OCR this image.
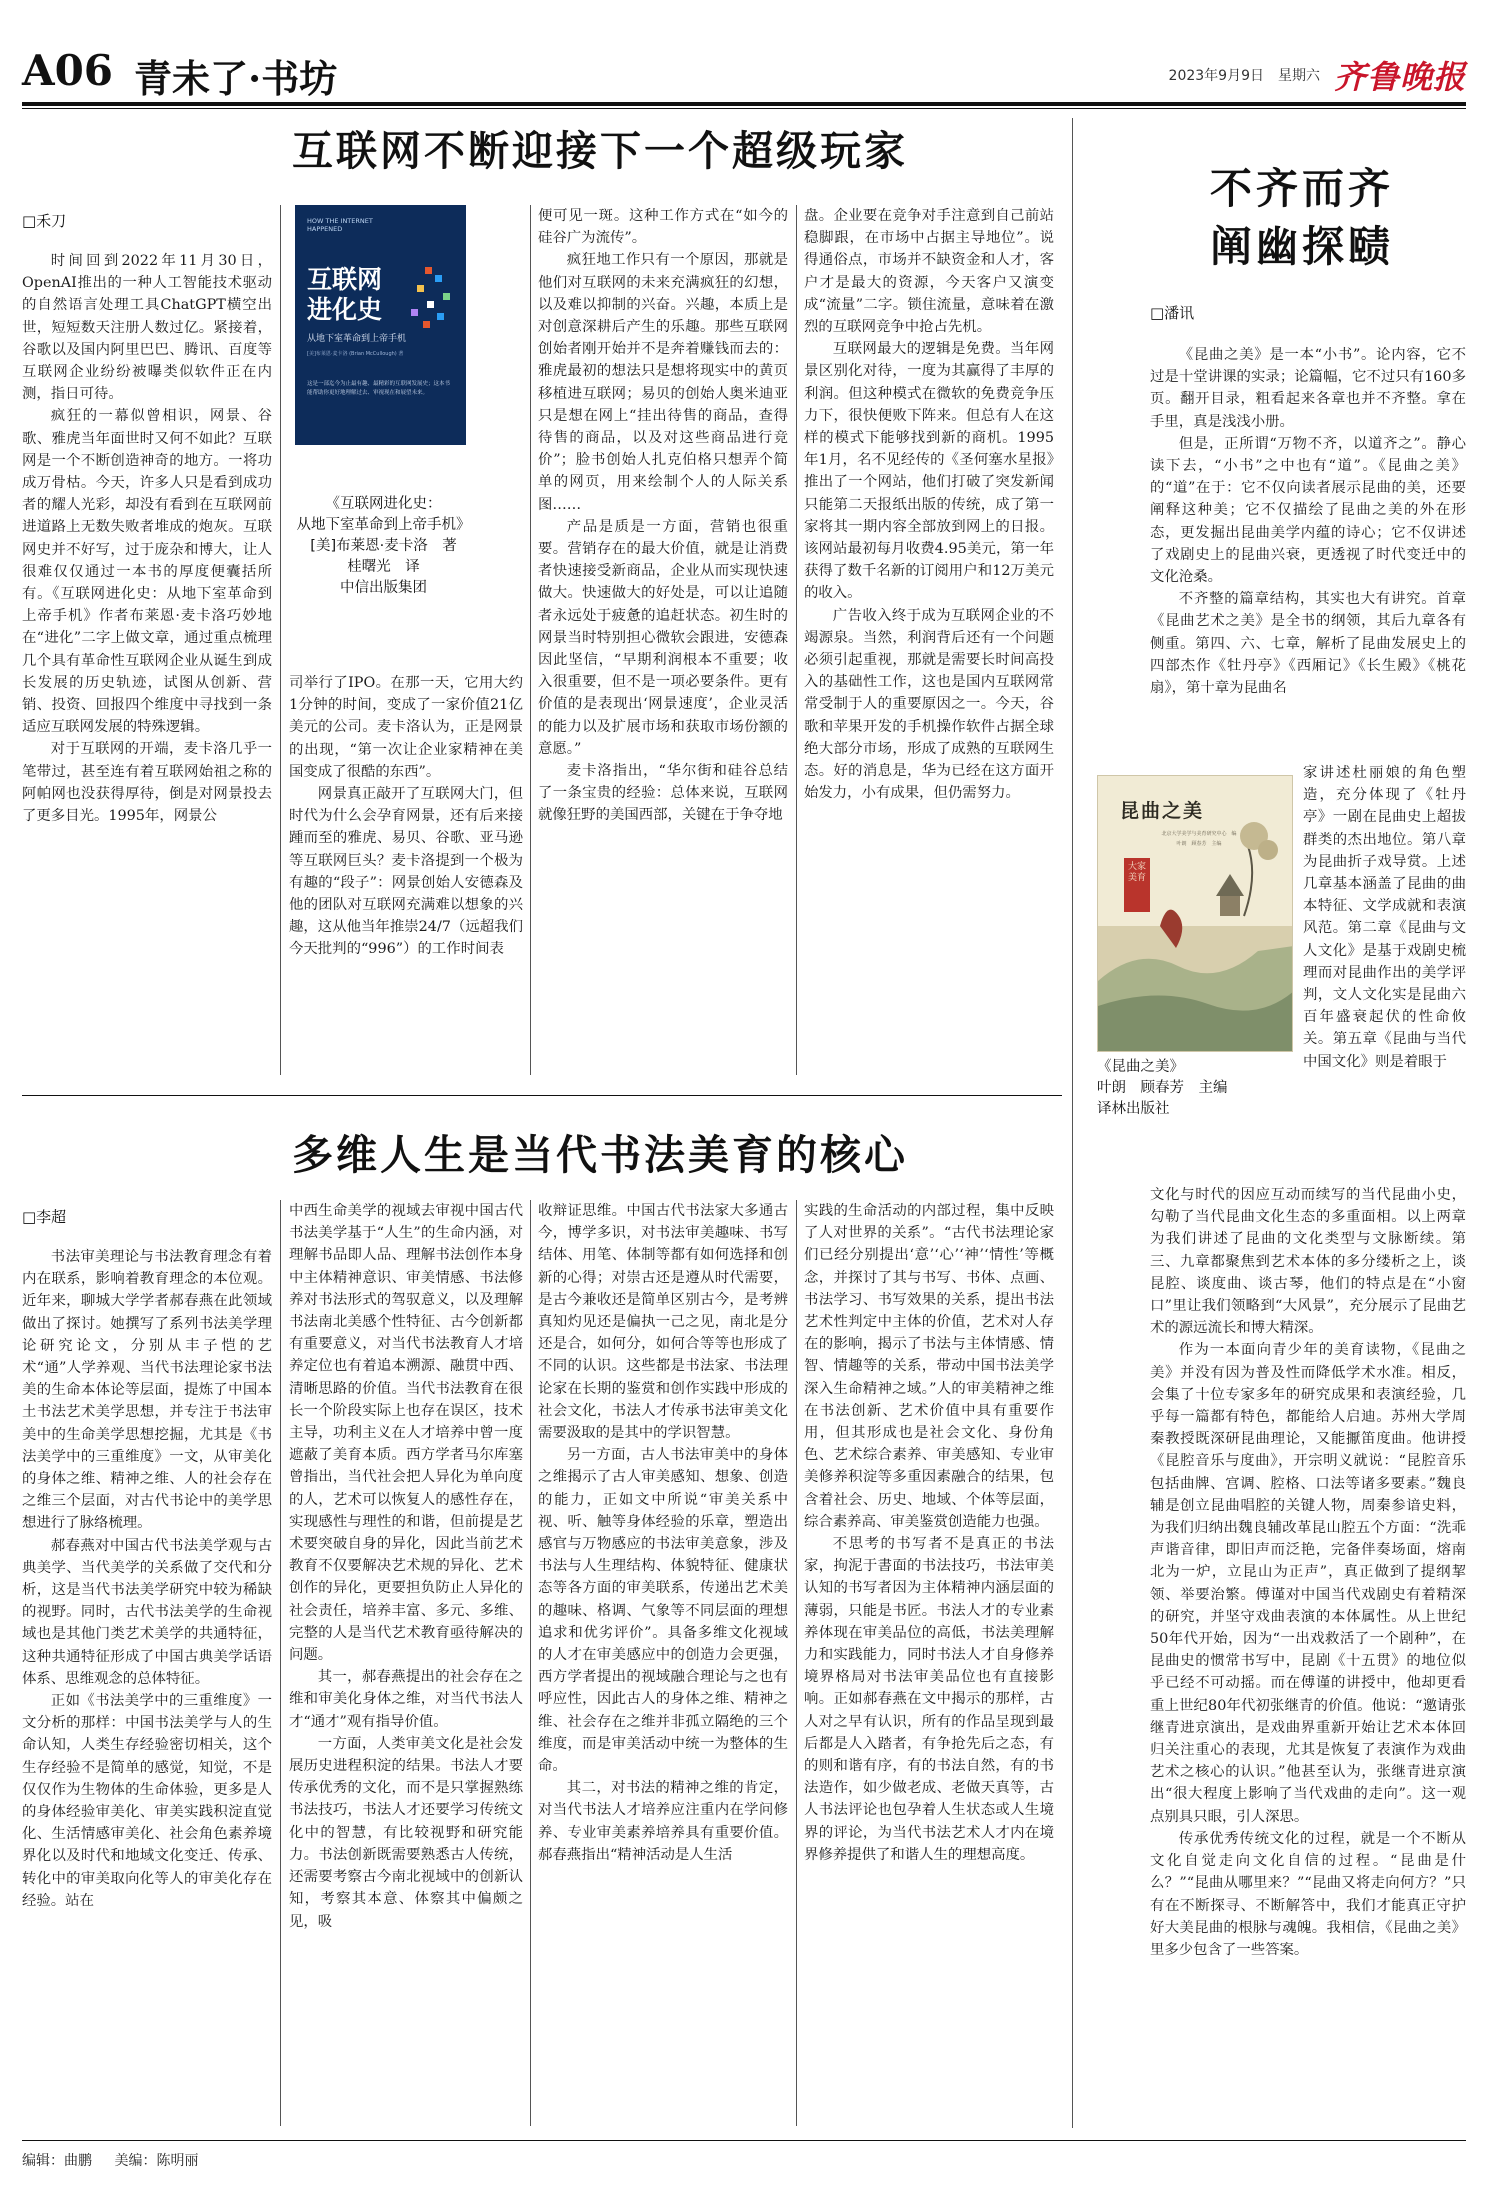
A06 青未了·书坊	2023年9月9日 星期六 齐鲁晚报
互联网不断迎接下一个超级玩家
□禾刀

时间回到2022年11月30日，OpenAI推出的一种人工智能技术驱动的自然语言处理工具ChatGPT横空出世，短短数天注册人数过亿。紧接着，谷歌以及国内阿里巴巴、腾讯、百度等互联网企业纷纷被曝类似软件正在内测，指日可待。

疯狂的一幕似曾相识，网景、谷歌、雅虎当年面世时又何不如此？互联网是一个不断创造神奇的地方。一将功成万骨枯。今天，许多人只是看到成功者的耀人光彩，却没有看到在互联网前进道路上无数失败者堆成的炮灰。互联网史并不好写，过于庞杂和博大，让人很难仅仅通过一本书的厚度便囊括所有。《互联网进化史：从地下室革命到上帝手机》作者布莱恩·麦卡洛巧妙地在“进化”二字上做文章，通过重点梳理几个具有革命性互联网企业从诞生到成长发展的历史轨迹，试图从创新、营销、投资、回报四个维度中寻找到一条适应互联网发展的特殊逻辑。

对于互联网的开端，麦卡洛几乎一笔带过，甚至连有着互联网始祖之称的阿帕网也没获得厚待，倒是对网景投去了更多目光。1995年，网景公

HOW THE INTERNET HAPPENED
互联网
进化史
从地下室革命到上帝手机
[美]布莱恩·麦卡洛 (Brian McCullough) 著
这是一部迄今为止最有趣、最精彩的互联网发展史；这本书能帮助你更好地理解过去、审视现在和展望未来。
《互联网进化史：
从地下室革命到上帝手机》
[美]布莱恩·麦卡洛　著
桂曙光　译
中信出版集团

司举行了IPO。在那一天，它用大约1分钟的时间，变成了一家价值21亿美元的公司。麦卡洛认为，正是网景的出现，“第一次让企业家精神在美国变成了很酷的东西”。

网景真正敲开了互联网大门，但时代为什么会孕育网景，还有后来接踵而至的雅虎、易贝、谷歌、亚马逊等互联网巨头？麦卡洛提到一个极为有趣的“段子”：网景创始人安德森及他的团队对互联网充满难以想象的兴趣，这从他当年推崇24/7（远超我们今天批判的“996”）的工作时间表

便可见一斑。这种工作方式在“如今的硅谷广为流传”。

疯狂地工作只有一个原因，那就是他们对互联网的未来充满疯狂的幻想，以及难以抑制的兴奋。兴趣，本质上是对创意深耕后产生的乐趣。那些互联网创始者刚开始并不是奔着赚钱而去的：雅虎最初的想法只是想将现实中的黄页移植进互联网；易贝的创始人奥米迪亚只是想在网上“挂出待售的商品，查得待售的商品，以及对这些商品进行竞价”；脸书创始人扎克伯格只想弄个简单的网页，用来绘制个人的人际关系图……

产品是质是一方面，营销也很重要。营销存在的最大价值，就是让消费者快速接受新商品，企业从而实现快速做大。快速做大的好处是，可以让追随者永远处于疲惫的追赶状态。初生时的网景当时特别担心微软会跟进，安德森因此坚信，“早期利润根本不重要；收入很重要，但不是一项必要条件。更有价值的是表现出‘网景速度’，企业灵活的能力以及扩展市场和获取市场份额的意愿。”

麦卡洛指出，“华尔街和硅谷总结了一条宝贵的经验：总体来说，互联网就像狂野的美国西部，关键在于争夺地

盘。企业要在竞争对手注意到自己前站稳脚跟，在市场中占据主导地位”。说得通俗点，市场并不缺资金和人才，客户才是最大的资源，今天客户又演变成“流量”二字。锁住流量，意味着在激烈的互联网竞争中抢占先机。

互联网最大的逻辑是免费。当年网景区别化对待，一度为其赢得了丰厚的利润。但这种模式在微软的免费竞争压力下，很快便败下阵来。但总有人在这样的模式下能够找到新的商机。1995年1月，名不见经传的《圣何塞水星报》推出了一个网站，他们打破了突发新闻只能第二天报纸出版的传统，成了第一家将其一期内容全部放到网上的日报。该网站最初每月收费4.95美元，第一年获得了数千名新的订阅用户和12万美元的收入。

广告收入终于成为互联网企业的不竭源泉。当然，利润背后还有一个问题必须引起重视，那就是需要长时间高投入的基础性工作，这也是国内互联网常常受制于人的重要原因之一。今天，谷歌和苹果开发的手机操作软件占据全球绝大部分市场，形成了成熟的互联网生态。好的消息是，华为已经在这方面开始发力，小有成果，但仍需努力。

不齐而齐
阐幽探赜
□潘讯

《昆曲之美》是一本“小书”。论内容，它不过是十堂讲课的实录；论篇幅，它不过只有160多页。翻开目录，粗看起来各章也并不齐整。拿在手里，真是浅浅小册。

但是，正所谓“万物不齐，以道齐之”。静心读下去，“小书”之中也有“道”。《昆曲之美》的“道”在于：它不仅向读者展示昆曲的美，还要阐释这种美；它不仅描绘了昆曲之美的外在形态，更发掘出昆曲美学内蕴的诗心；它不仅讲述了戏剧史上的昆曲兴衰，更透视了时代变迁中的文化沧桑。

不齐整的篇章结构，其实也大有讲究。首章《昆曲艺术之美》是全书的纲领，其后九章各有侧重。第四、六、七章，解析了昆曲发展史上的四部杰作《牡丹亭》《西厢记》《长生殿》《桃花扇》，第十章为昆曲名

昆曲之美
北京大学美学与美育研究中心　编
叶朗　顾春芳　主编
大家美育
《昆曲之美》
叶朗　顾春芳　主编
译林出版社

家讲述杜丽娘的角色塑造，充分体现了《牡丹亭》一剧在昆曲史上超拔群类的杰出地位。第八章为昆曲折子戏导赏。上述几章基本涵盖了昆曲的曲本特征、文学成就和表演风范。第二章《昆曲与文人文化》是基于戏剧史梳理而对昆曲作出的美学评判，文人文化实是昆曲六百年盛衰起伏的性命攸关。第五章《昆曲与当代中国文化》则是着眼于

文化与时代的因应互动而续写的当代昆曲小史，勾勒了当代昆曲文化生态的多重面相。以上两章为我们讲述了昆曲的文化类型与文脉断续。第三、九章都聚焦到艺术本体的多分缕析之上，谈昆腔、谈度曲、谈古琴，他们的特点是在“小窗口”里让我们领略到“大风景”，充分展示了昆曲艺术的源远流长和博大精深。

作为一本面向青少年的美育读物，《昆曲之美》并没有因为普及性而降低学术水准。相反，会集了十位专家多年的研究成果和表演经验，几乎每一篇都有特色，都能给人启迪。苏州大学周秦教授既深研昆曲理论，又能擫笛度曲。他讲授《昆腔音乐与度曲》，开宗明义就说：“昆腔音乐包括曲牌、宫调、腔格、口法等诸多要素。”魏良辅是创立昆曲唱腔的关键人物，周秦参谙史料，为我们归纳出魏良辅改革昆山腔五个方面：“洗乖声谐音律，即旧声而泛艳，完备伴奏场面，熔南北为一炉，立昆山为正声”，真正做到了提纲挈领、举要治繁。傅谨对中国当代戏剧史有着精深的研究，并坚守戏曲表演的本体属性。从上世纪50年代开始，因为“一出戏救活了一个剧种”，在昆曲史的惯常书写中，昆剧《十五贯》的地位似乎已经不可动摇。而在傅谨的讲授中，他却更看重上世纪80年代初张继青的价值。他说：“邀请张继青进京演出，是戏曲界重新开始让艺术本体回归关注重心的表现，尤其是恢复了表演作为戏曲艺术之核心的认识。”他甚至认为，张继青进京演出“很大程度上影响了当代戏曲的走向”。这一观点别具只眼，引人深思。

传承优秀传统文化的过程，就是一个不断从文化自觉走向文化自信的过程。“昆曲是什么？”“昆曲从哪里来？”“昆曲又将走向何方？”只有在不断探寻、不断解答中，我们才能真正守护好大美昆曲的根脉与魂魄。我相信，《昆曲之美》里多少包含了一些答案。

多维人生是当代书法美育的核心
□李超

书法审美理论与书法教育理念有着内在联系，影响着教育理念的本位观。近年来，聊城大学学者郝春燕在此领域做出了探讨。她撰写了系列书法美学理论研究论文，分别从丰子恺的艺术“通”人学养观、当代书法理论家书法美的生命本体论等层面，提炼了中国本土书法艺术美学思想，并专注于书法审美中的生命美学思想挖掘，尤其是《书法美学中的三重维度》一文，从审美化的身体之维、精神之维、人的社会存在之维三个层面，对古代书论中的美学思想进行了脉络梳理。

郝春燕对中国古代书法美学观与古典美学、当代美学的关系做了交代和分析，这是当代书法美学研究中较为稀缺的视野。同时，古代书法美学的生命视域也是其他门类艺术美学的共通特征，这种共通特征形成了中国古典美学话语体系、思维观念的总体特征。

正如《书法美学中的三重维度》一文分析的那样：中国书法美学与人的生命认知，人类生存经验密切相关，这个生存经验不是简单的感觉，知觉，不是仅仅作为生物体的生命体验，更多是人的身体经验审美化、审美实践积淀直觉化、生活情感审美化、社会角色素养境界化以及时代和地域文化变迁、传承、转化中的审美取向化等人的审美化存在经验。站在

中西生命美学的视域去审视中国古代书法美学基于“人生”的生命内涵，对理解书品即人品、理解书法创作本身中主体精神意识、审美情感、书法修养对书法形式的驾驭意义，以及理解书法南北美感个性特征、古今创新都有重要意义，对当代书法教育人才培养定位也有着追本溯源、融贯中西、清晰思路的价值。当代书法教育在很长一个阶段实际上也存在误区，技术主导，功利主义在人才培养中曾一度遮蔽了美育本质。西方学者马尔库塞曾指出，当代社会把人异化为单向度的人，艺术可以恢复人的感性存在，实现感性与理性的和谐，但前提是艺术要突破自身的异化，因此当前艺术教育不仅要解决艺术规的异化、艺术创作的异化，更要担负防止人异化的社会责任，培养丰富、多元、多维、完整的人是当代艺术教育亟待解决的问题。

其一，郝春燕提出的社会存在之维和审美化身体之维，对当代书法人才“通才”观有指导价值。

一方面，人类审美文化是社会发展历史进程积淀的结果。书法人才要传承优秀的文化，而不是只掌握熟练书法技巧，书法人才还要学习传统文化中的智慧，有比较视野和研究能力。书法创新既需要熟悉古人传统，还需要考察古今南北视域中的创新认知，考察其本意、体察其中偏颇之见，吸

收辩证思维。中国古代书法家大多通古今，博学多识，对书法审美趣味、书写结体、用笔、体制等都有如何选择和创新的心得；对崇古还是遵从时代需要，是古今兼收还是简单区别古今，是考辨真知灼见还是偏执一己之见，南北是分还是合，如何分，如何合等等也形成了不同的认识。这些都是书法家、书法理论家在长期的鉴赏和创作实践中形成的社会文化，书法人才传承书法审美文化需要汲取的是其中的学识智慧。

另一方面，古人书法审美中的身体之维揭示了古人审美感知、想象、创造的能力，正如文中所说“审美关系中视、听、触等身体经验的乐章，塑造出感官与万物感应的书法审美意象，涉及书法与人生理结构、体貌特征、健康状态等各方面的审美联系，传递出艺术美的趣味、格调、气象等不同层面的理想追求和优劣评价”。具备多维文化视域的人才在审美感应中的创造力会更强，西方学者提出的视域融合理论与之也有呼应性，因此古人的身体之维、精神之维、社会存在之维并非孤立隔绝的三个维度，而是审美活动中统一为整体的生命。

其二，对书法的精神之维的肯定，对当代书法人才培养应注重内在学问修养、专业审美素养培养具有重要价值。郝春燕指出“精神活动是人生活

实践的生命活动的内部过程，集中反映了人对世界的关系”。“古代书法理论家们已经分别提出‘意’‘心’‘神’‘情性’等概念，并探讨了其与书写、书体、点画、书法学习、书写效果的关系，提出书法艺术性判定中主体的价值，艺术对人存在的影响，揭示了书法与主体情感、情智、情趣等的关系，带动中国书法美学深入生命精神之域。”人的审美精神之维在书法创新、艺术价值中具有重要作用，但其形成也是社会文化、身份角色、艺术综合素养、审美感知、专业审美修养积淀等多重因素融合的结果，包含着社会、历史、地域、个体等层面，综合素养高、审美鉴赏创造能力也强。

不思考的书写者不是真正的书法家，拘泥于書面的书法技巧，书法审美认知的书写者因为主体精神内涵层面的薄弱，只能是书匠。书法人才的专业素养体现在审美品位的高低，书法美理解力和实践能力，同时书法人才自身修养境界格局对书法审美品位也有直接影响。正如郝春燕在文中揭示的那样，古人对之早有认识，所有的作品呈现到最后都是人入踏者，有争抢先后之态，有的则和谐有序，有的书法自然，有的书法造作，如少做老成、老做天真等，古人书法评论也包孕着人生状态或人生境界的评论，为当代书法艺术人才内在境界修养提供了和谐人生的理想高度。

编辑：曲鹏 美编：陈明丽
